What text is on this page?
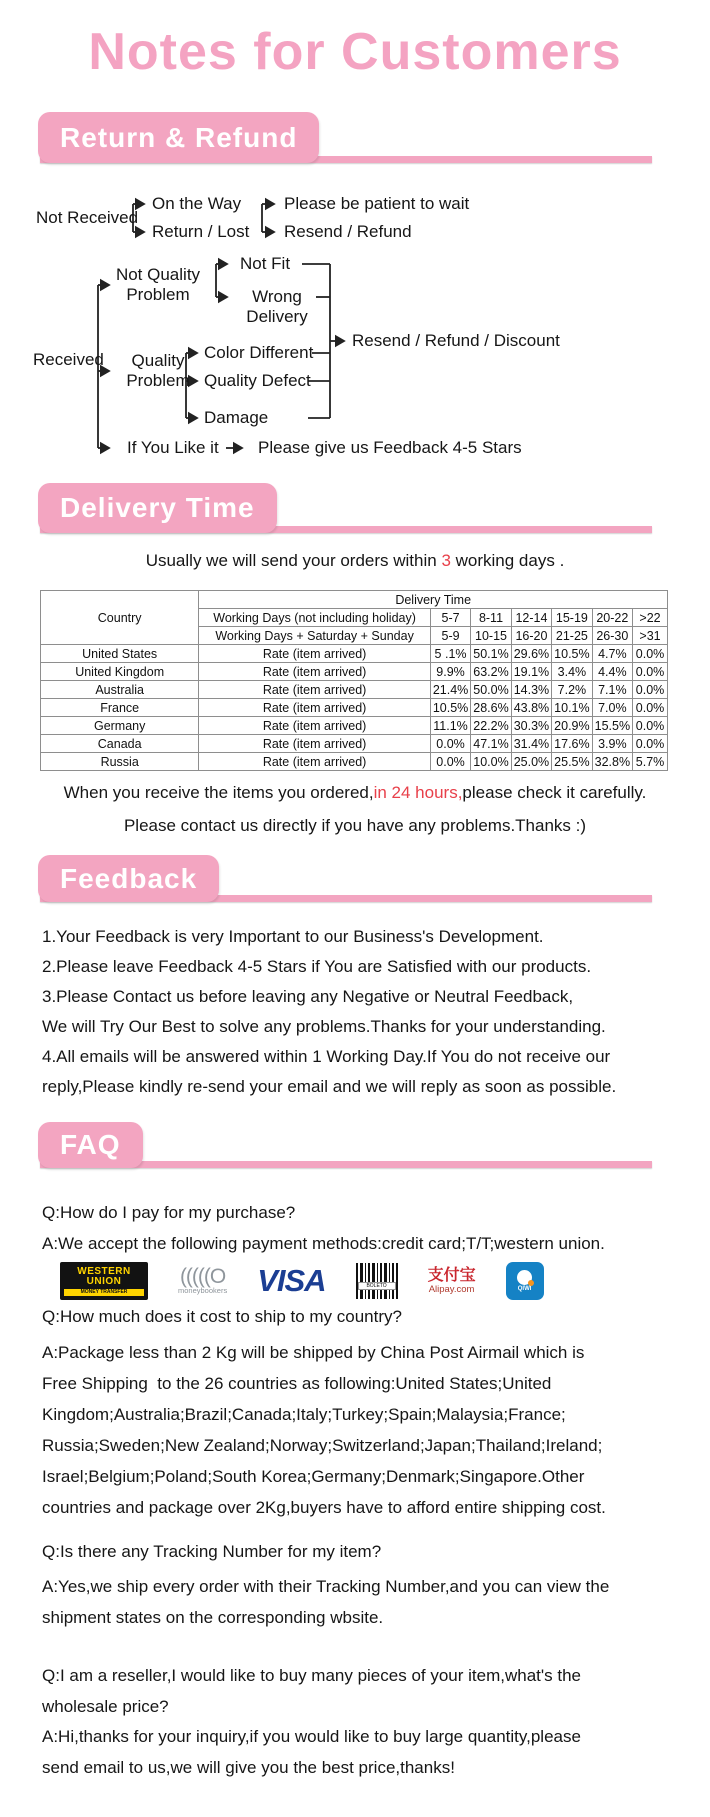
Notes for Customers
Return & Refund
Not Received
On the Way
Return / Lost
Please be patient to wait
Resend / Refund
Received
Not Quality Problem
Not Fit
Wrong Delivery
Quality Problem
Color Different
Quality Defect
Damage
Resend / Refund / Discount
If You Like it Please give us Feedback 4-5 Stars
Delivery Time
Usually we will send your orders within 3 working days .
Country	Delivery Time						
	Working Days (not including holiday)	5-7	8-11	12-14	15-19	20-22	>22
	Working Days + Saturday + Sunday	5-9	10-15	16-20	21-25	26-30	>31
United States	Rate (item arrived)	5 .1%	50.1%	29.6%	10.5%	4.7%	0.0%
United Kingdom	Rate (item arrived)	9.9%	63.2%	19.1%	3.4%	4.4%	0.0%
Australia	Rate (item arrived)	21.4%	50.0%	14.3%	7.2%	7.1%	0.0%
France	Rate (item arrived)	10.5%	28.6%	43.8%	10.1%	7.0%	0.0%
Germany	Rate (item arrived)	11.1%	22.2%	30.3%	20.9%	15.5%	0.0%
Canada	Rate (item arrived)	0.0%	47.1%	31.4%	17.6%	3.9%	0.0%
Russia	Rate (item arrived)	0.0%	10.0%	25.0%	25.5%	32.8%	5.7%
When you receive the items you ordered,in 24 hours,please check it carefully.
Please contact us directly if you have any problems.Thanks :)
Feedback
1.Your Feedback is very Important to our Business's Development.
2.Please leave Feedback 4-5 Stars if You are Satisfied with our products.
3.Please Contact us before leaving any Negative or Neutral Feedback,
We will Try Our Best to solve any problems.Thanks for your understanding.
4.All emails will be answered within 1 Working Day.If You do not receive our
reply,Please kindly re-send your email and we will reply as soon as possible.
FAQ
Q:How do I pay for my purchase?
A:We accept the following payment methods:credit card;T/T;western union.
WESTERN
UNION
MONEY TRANSFER
(((((O
moneybookers VISA	BOLETO
支付宝
Alipay.com	QIWI
Q:How much does it cost to ship to my country?
A:Package less than 2 Kg will be shipped by China Post Airmail which is
Free Shipping  to the 26 countries as following:United States;United
Kingdom;Australia;Brazil;Canada;Italy;Turkey;Spain;Malaysia;France;
Russia;Sweden;New Zealand;Norway;Switzerland;Japan;Thailand;Ireland;
Israel;Belgium;Poland;South Korea;Germany;Denmark;Singapore.Other
countries and package over 2Kg,buyers have to afford entire shipping cost.
Q:Is there any Tracking Number for my item?
A:Yes,we ship every order with their Tracking Number,and you can view the
shipment states on the corresponding wbsite.
Q:I am a reseller,I would like to buy many pieces of your item,what's the
wholesale price?
A:Hi,thanks for your inquiry,if you would like to buy large quantity,please
send email to us,we will give you the best price,thanks!
